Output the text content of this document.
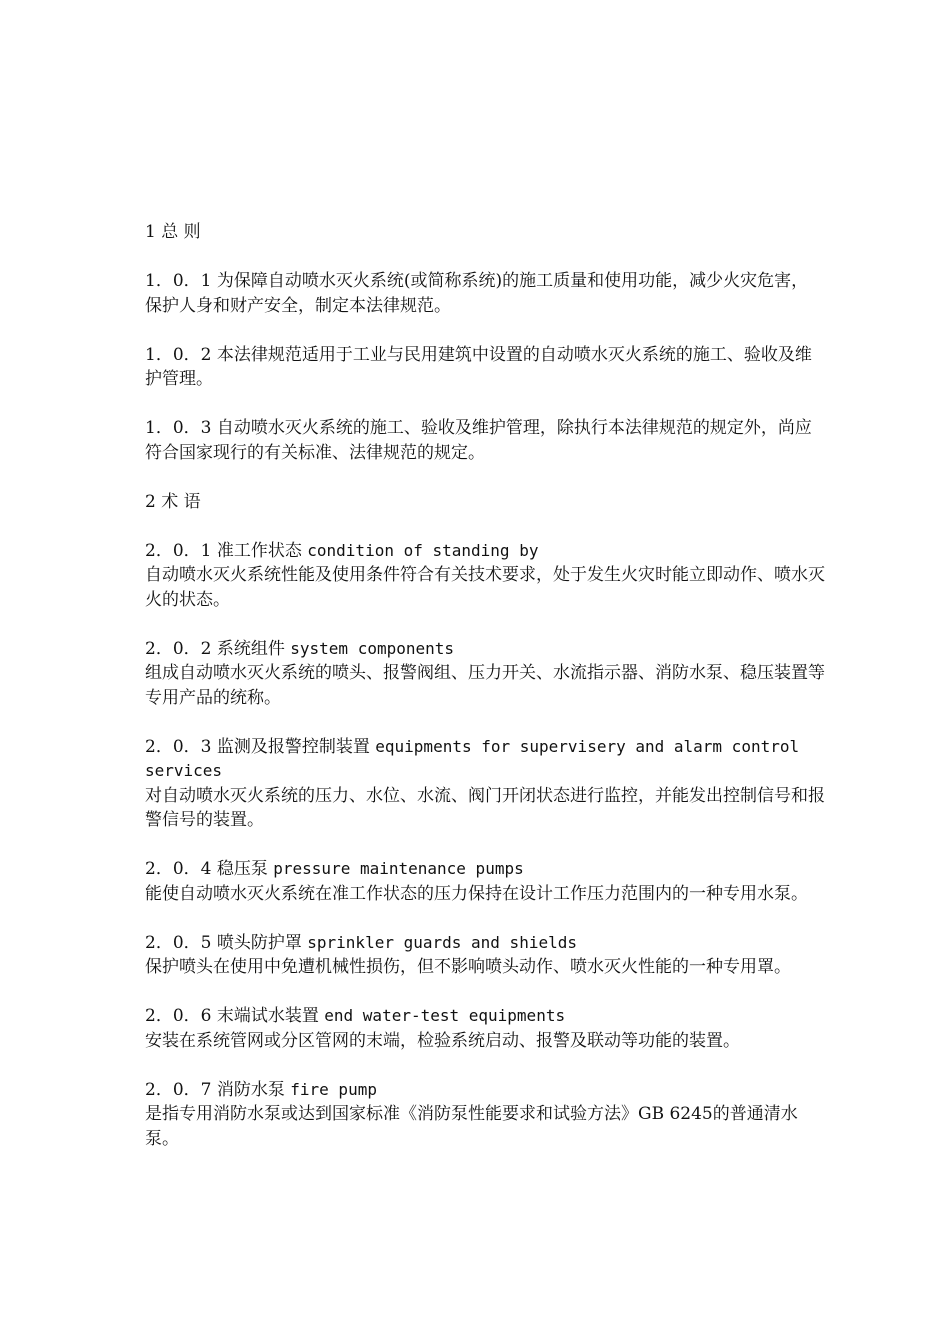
1 总 则

1．0．1 为保障自动喷水灭火系统(或简称系统)的施工质量和使用功能，减少火灾危害，保护人身和财产安全，制定本法律规范。

1．0．2 本法律规范适用于工业与民用建筑中设置的自动喷水灭火系统的施工、验收及维护管理。

1．0．3 自动喷水灭火系统的施工、验收及维护管理，除执行本法律规范的规定外，尚应符合国家现行的有关标准、法律规范的规定。

2 术 语

2．0．1 准工作状态 condition of standing by

自动喷水灭火系统性能及使用条件符合有关技术要求，处于发生火灾时能立即动作、喷水灭火的状态。

2．0．2 系统组件 system components

组成自动喷水灭火系统的喷头、报警阀组、压力开关、水流指示器、消防水泵、稳压装置等专用产品的统称。

2．0．3 监测及报警控制装置 equipments for supervisery and alarm control services

对自动喷水灭火系统的压力、水位、水流、阀门开闭状态进行监控，并能发出控制信号和报警信号的装置。

2．0．4 稳压泵 pressure maintenance pumps

能使自动喷水灭火系统在准工作状态的压力保持在设计工作压力范围内的一种专用水泵。

2．0．5 喷头防护罩 sprinkler guards and shields

保护喷头在使用中免遭机械性损伤，但不影响喷头动作、喷水灭火性能的一种专用罩。

2．0．6 末端试水装置 end water-test equipments

安装在系统管网或分区管网的末端，检验系统启动、报警及联动等功能的装置。

2．0．7 消防水泵 fire pump

是指专用消防水泵或达到国家标准《消防泵性能要求和试验方法》GB 6245的普通清水泵。
